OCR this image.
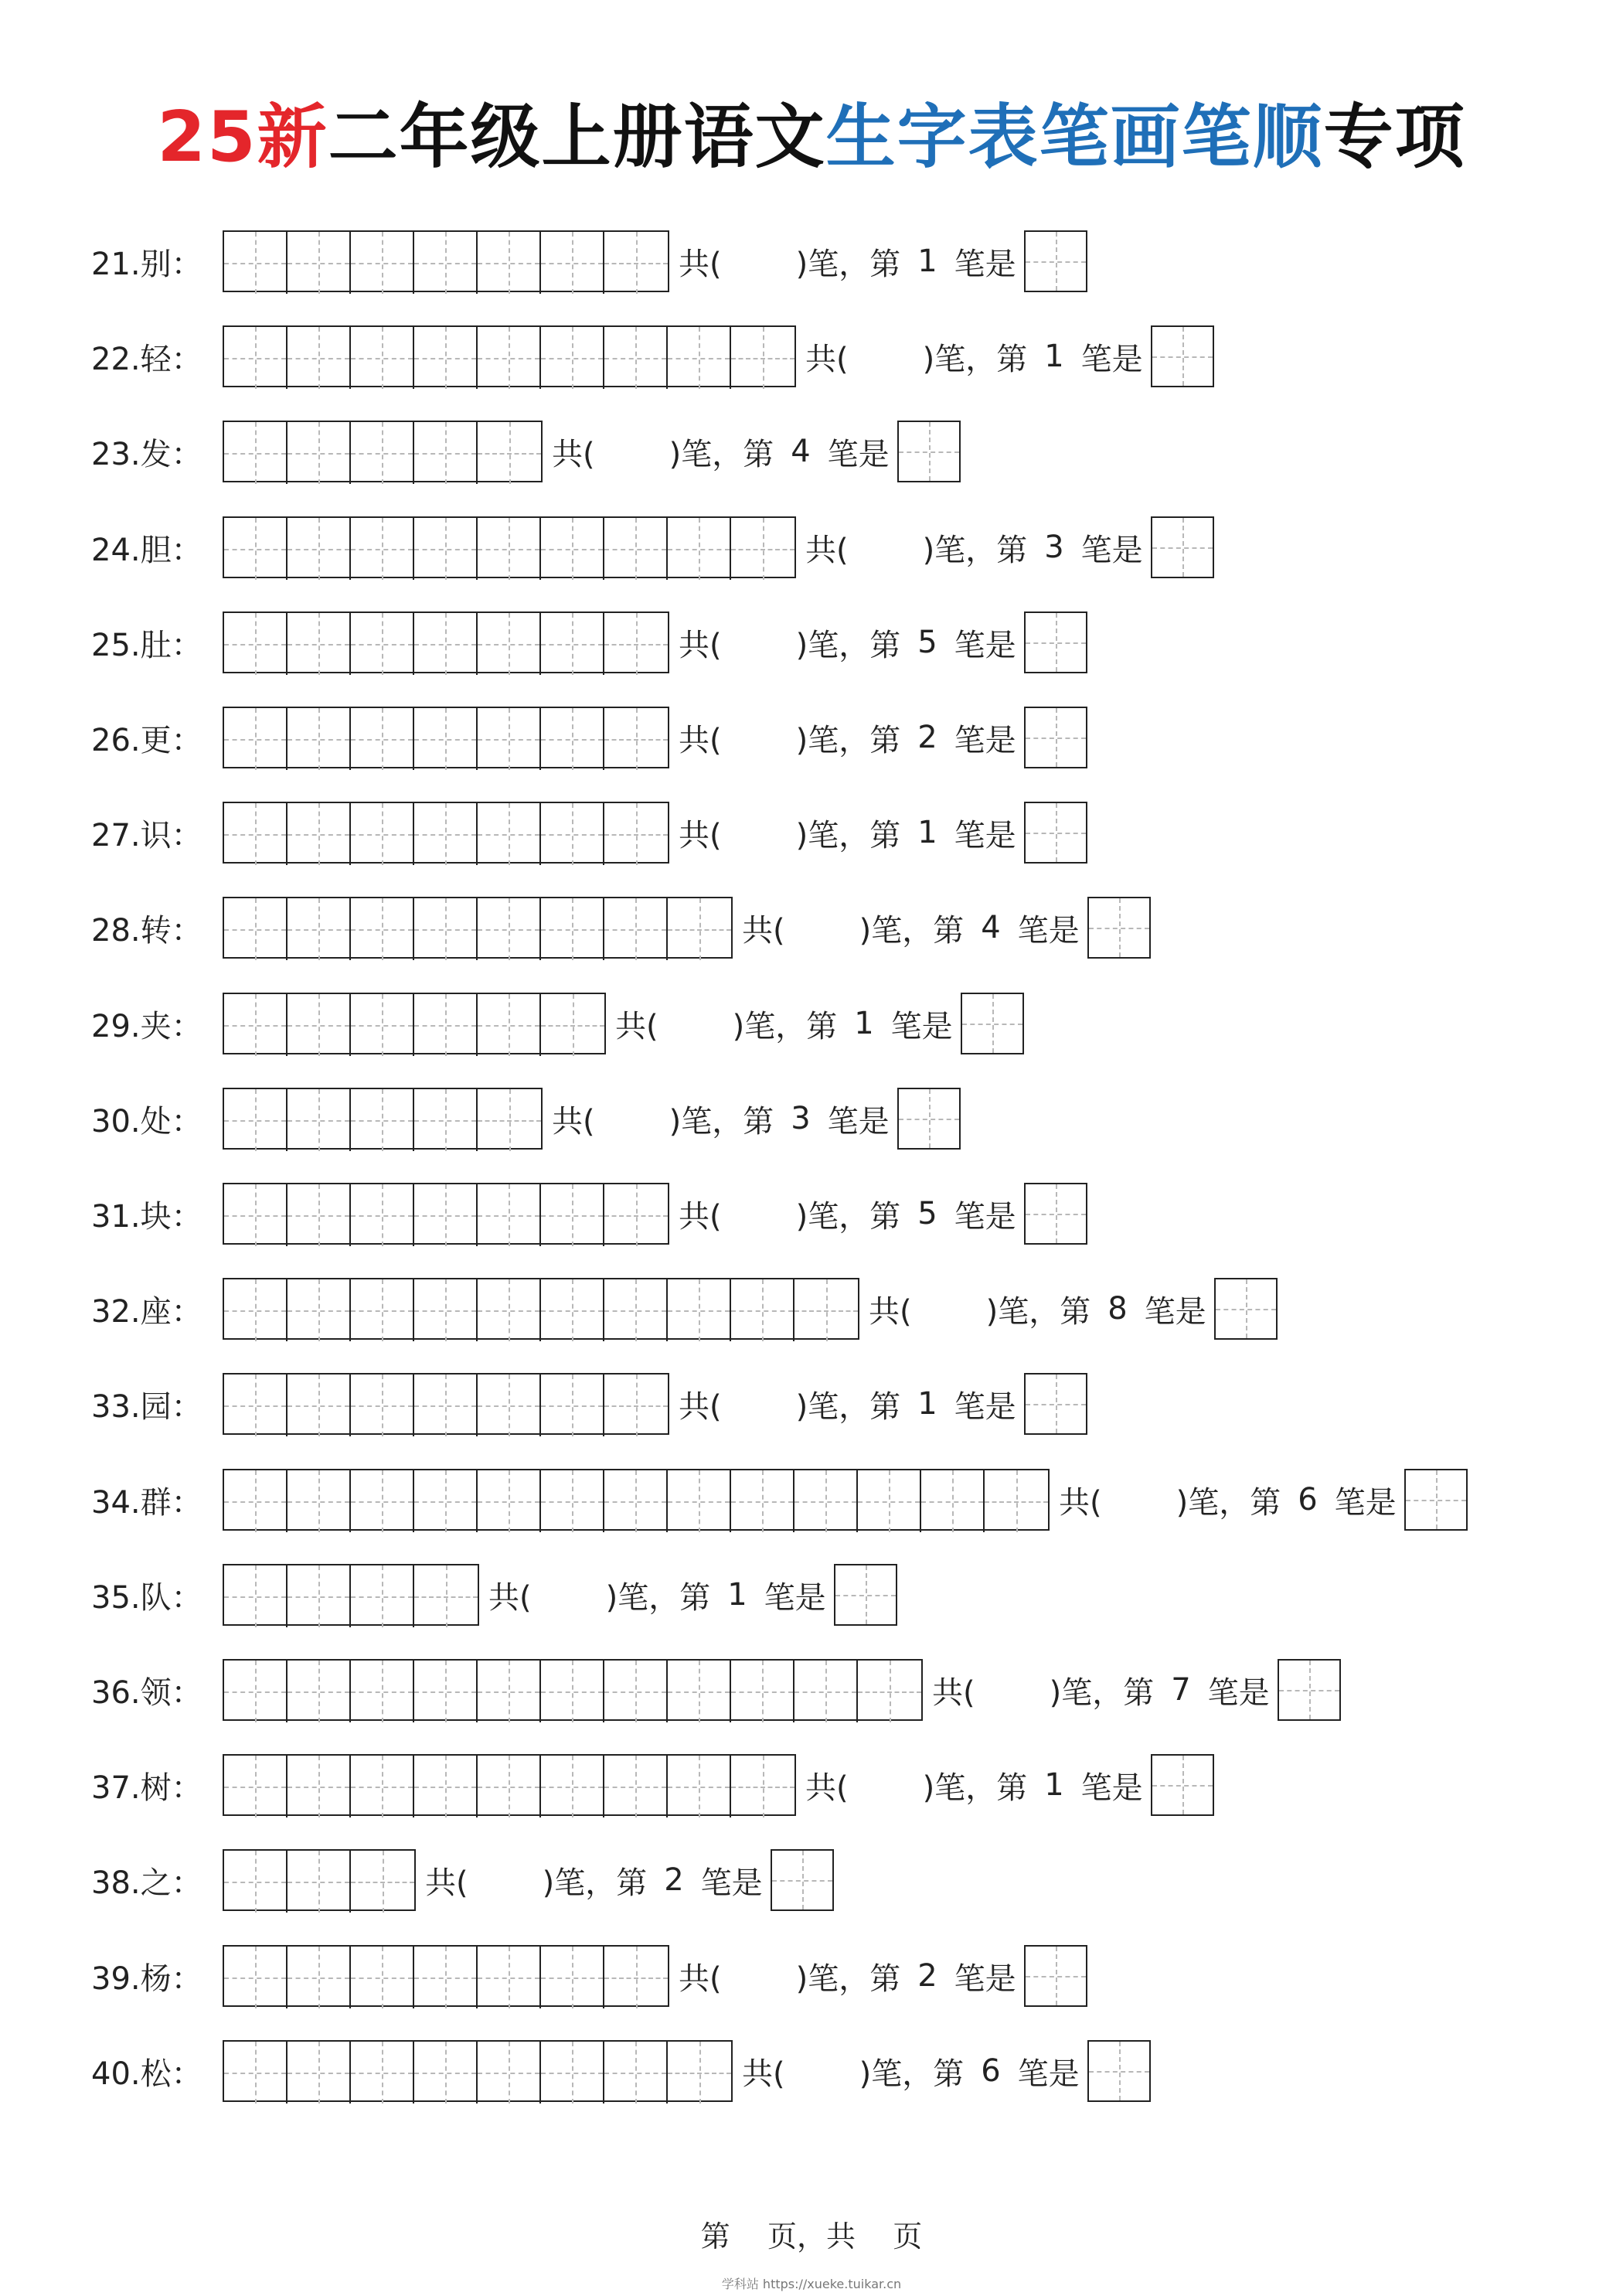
25新二年级上册语文生字表笔画笔顺专项
21.别：	共( )笔，第 1 笔是
22.轻：	共( )笔，第 1 笔是
23.发：	共( )笔，第 4 笔是
24.胆：	共( )笔，第 3 笔是
25.肚：	共( )笔，第 5 笔是
26.更：	共( )笔，第 2 笔是
27.识：	共( )笔，第 1 笔是
28.转：	共( )笔，第 4 笔是
29.夹：	共( )笔，第 1 笔是
30.处：	共( )笔，第 3 笔是
31.块：	共( )笔，第 5 笔是
32.座：	共( )笔，第 8 笔是
33.园：	共( )笔，第 1 笔是
34.群：	共( )笔，第 6 笔是
35.队：	共( )笔，第 1 笔是
36.领：	共( )笔，第 7 笔是
37.树：	共( )笔，第 1 笔是
38.之：	共( )笔，第 2 笔是
39.杨：	共( )笔，第 2 笔是
40.松：	共( )笔，第 6 笔是
第    页，共    页
学科站 https://xueke.tuikar.cn
